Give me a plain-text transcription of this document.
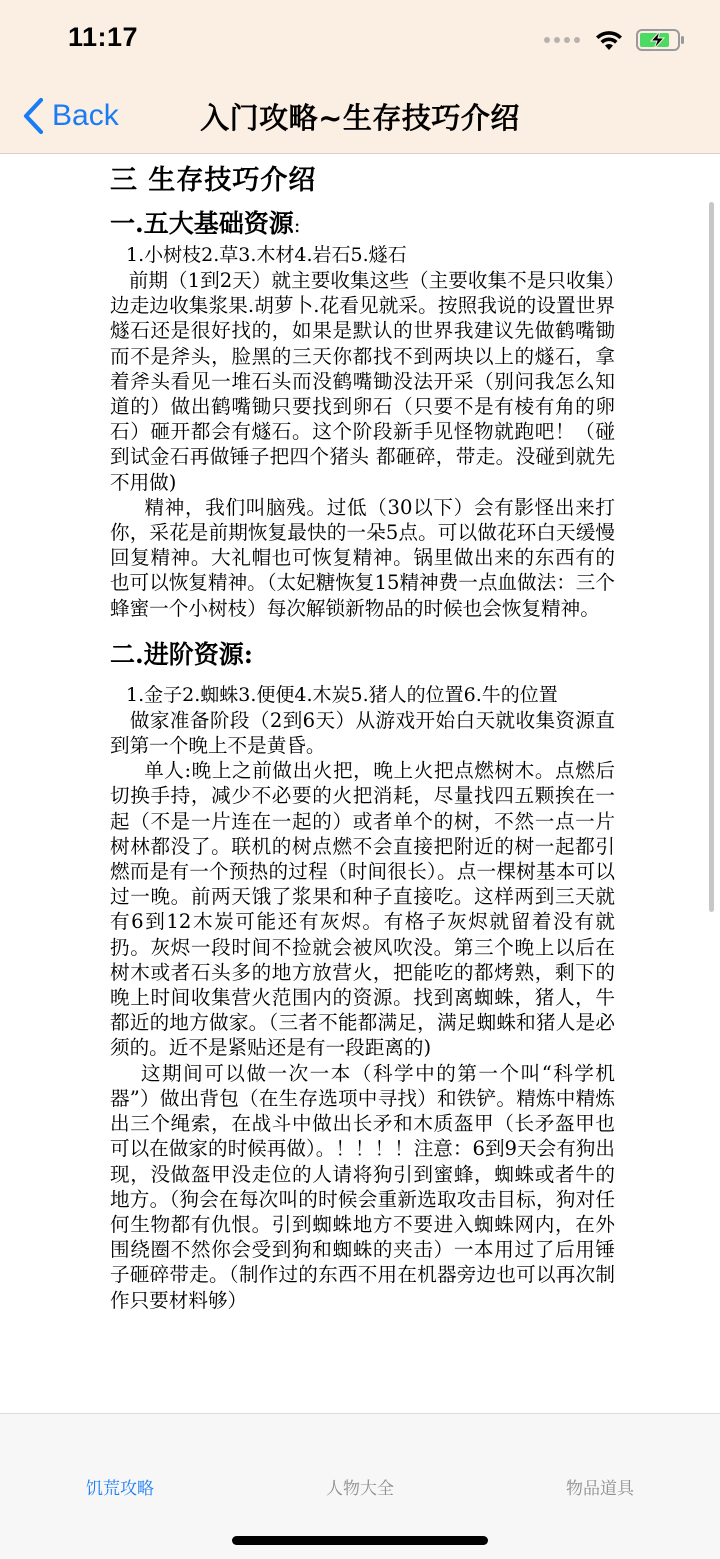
11:17
Back	入门攻略~生存技巧介绍
三 生存技巧介绍
一.五大基础资源:
1.小树枝2.草3.木材4.岩石5.燧石

前期（1到2天）就主要收集这些（主要收集不是只收集）边走边收集浆果.胡萝卜.花看见就采。按照我说的设置世界燧石还是很好找的，如果是默认的世界我建议先做鹤嘴锄而不是斧头，脸黑的三天你都找不到两块以上的燧石，拿着斧头看见一堆石头而没鹤嘴锄没法开采（别问我怎么知道的）做出鹤嘴锄只要找到卵石（只要不是有棱有角的卵石）砸开都会有燧石。这个阶段新手见怪物就跑吧！（碰到试金石再做锤子把四个猪头 都砸碎，带走。没碰到就先不用做)

精神，我们叫脑残。过低（30以下）会有影怪出来打你，采花是前期恢复最快的一朵5点。可以做花环白天缓慢回复精神。大礼帽也可恢复精神。锅里做出来的东西有的也可以恢复精神。（太妃糖恢复15精神费一点血做法：三个蜂蜜一个小树枝）每次解锁新物品的时候也会恢复精神。

二.进阶资源:
1.金子2.蜘蛛3.便便4.木炭5.猪人的位置6.牛的位置

做家准备阶段（2到6天）从游戏开始白天就收集资源直到第一个晚上不是黄昏。

单人:晚上之前做出火把，晚上火把点燃树木。点燃后切换手持，减少不必要的火把消耗，尽量找四五颗挨在一起（不是一片连在一起的）或者单个的树，不然一点一片树林都没了。联机的树点燃不会直接把附近的树一起都引燃而是有一个预热的过程（时间很长）。点一棵树基本可以过一晚。前两天饿了浆果和种子直接吃。这样两到三天就有6到12木炭可能还有灰烬。有格子灰烬就留着没有就扔。灰烬一段时间不捡就会被风吹没。第三个晚上以后在树木或者石头多的地方放营火，把能吃的都烤熟，剩下的晚上时间收集营火范围内的资源。找到离蜘蛛，猪人，牛都近的地方做家。（三者不能都满足，满足蜘蛛和猪人是必须的。近不是紧贴还是有一段距离的)

这期间可以做一次一本（科学中的第一个叫“科学机器”）做出背包（在生存选项中寻找）和铁铲。精炼中精炼出三个绳索，在战斗中做出长矛和木质盔甲（长矛盔甲也可以在做家的时候再做）。！！！！注意：6到9天会有狗出现，没做盔甲没走位的人请将狗引到蜜蜂，蜘蛛或者牛的地方。（狗会在每次叫的时候会重新选取攻击目标，狗对任何生物都有仇恨。引到蜘蛛地方不要进入蜘蛛网内，在外围绕圈不然你会受到狗和蜘蛛的夹击）一本用过了后用锤子砸碎带走。（制作过的东西不用在机器旁边也可以再次制作只要材料够）

饥荒攻略	人物大全	物品道具
